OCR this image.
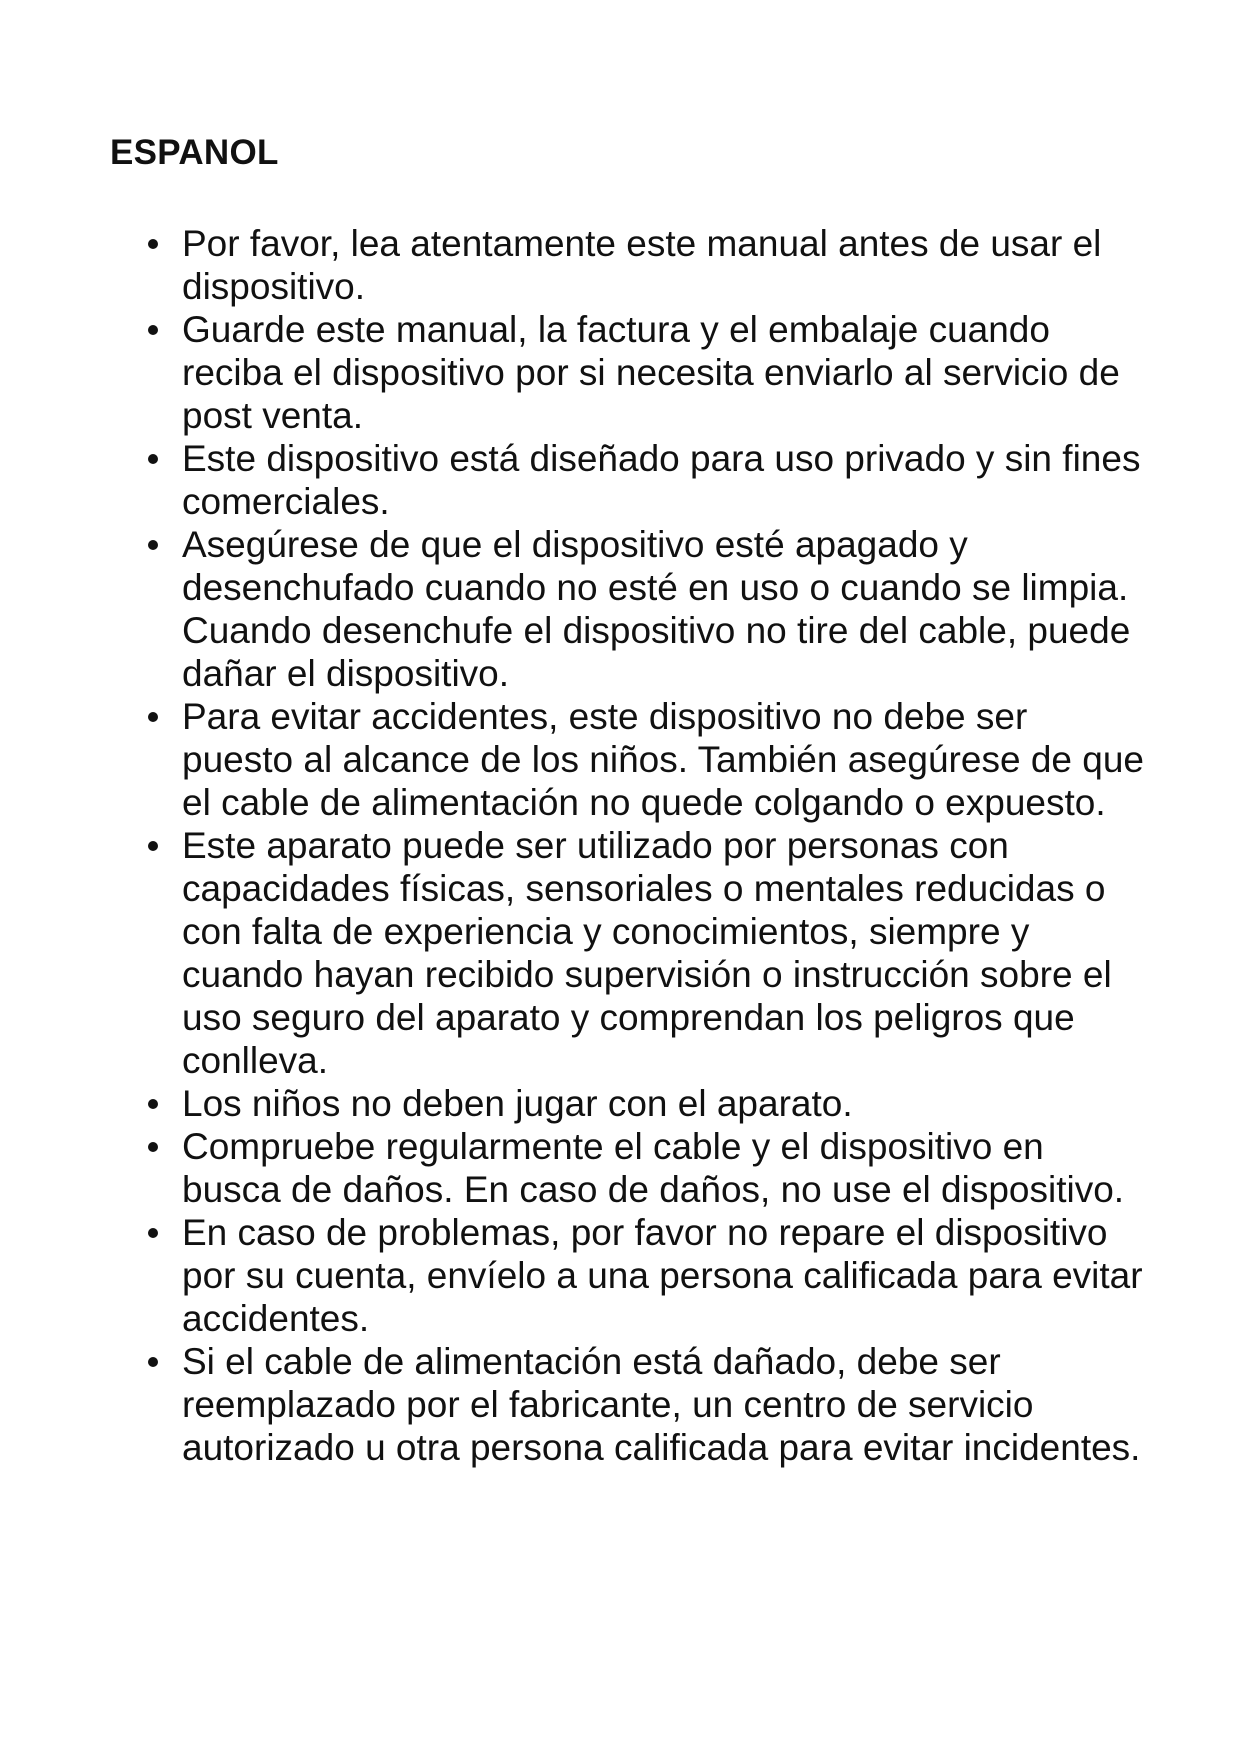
ESPANOL
Por favor, lea atentamente este manual antes de usar el dispositivo.
Guarde este manual, la factura y el embalaje cuando reciba el dispositivo por si necesita enviarlo al servicio de post venta.
Este dispositivo está diseñado para uso privado y sin fines comerciales.
Asegúrese de que el dispositivo esté apagado y desenchufado cuando no esté en uso o cuando se limpia. Cuando desenchufe el dispositivo no tire del cable, puede dañar el dispositivo.
Para evitar accidentes, este dispositivo no debe ser puesto al alcance de los niños. También asegúrese de que el cable de alimentación no quede colgando o expuesto.
Este aparato puede ser utilizado por personas con capacidades físicas, sensoriales o mentales reducidas o con falta de experiencia y conocimientos, siempre y cuando hayan recibido supervisión o instrucción sobre el uso seguro del aparato y comprendan los peligros que conlleva.
Los niños no deben jugar con el aparato.
Compruebe regularmente el cable y el dispositivo en busca de daños. En caso de daños, no use el dispositivo.
En caso de problemas, por favor no repare el dispositivo por su cuenta, envíelo a una persona calificada para evitar accidentes.
Si el cable de alimentación está dañado, debe ser reemplazado por el fabricante, un centro de servicio autorizado u otra persona calificada para evitar incidentes.
